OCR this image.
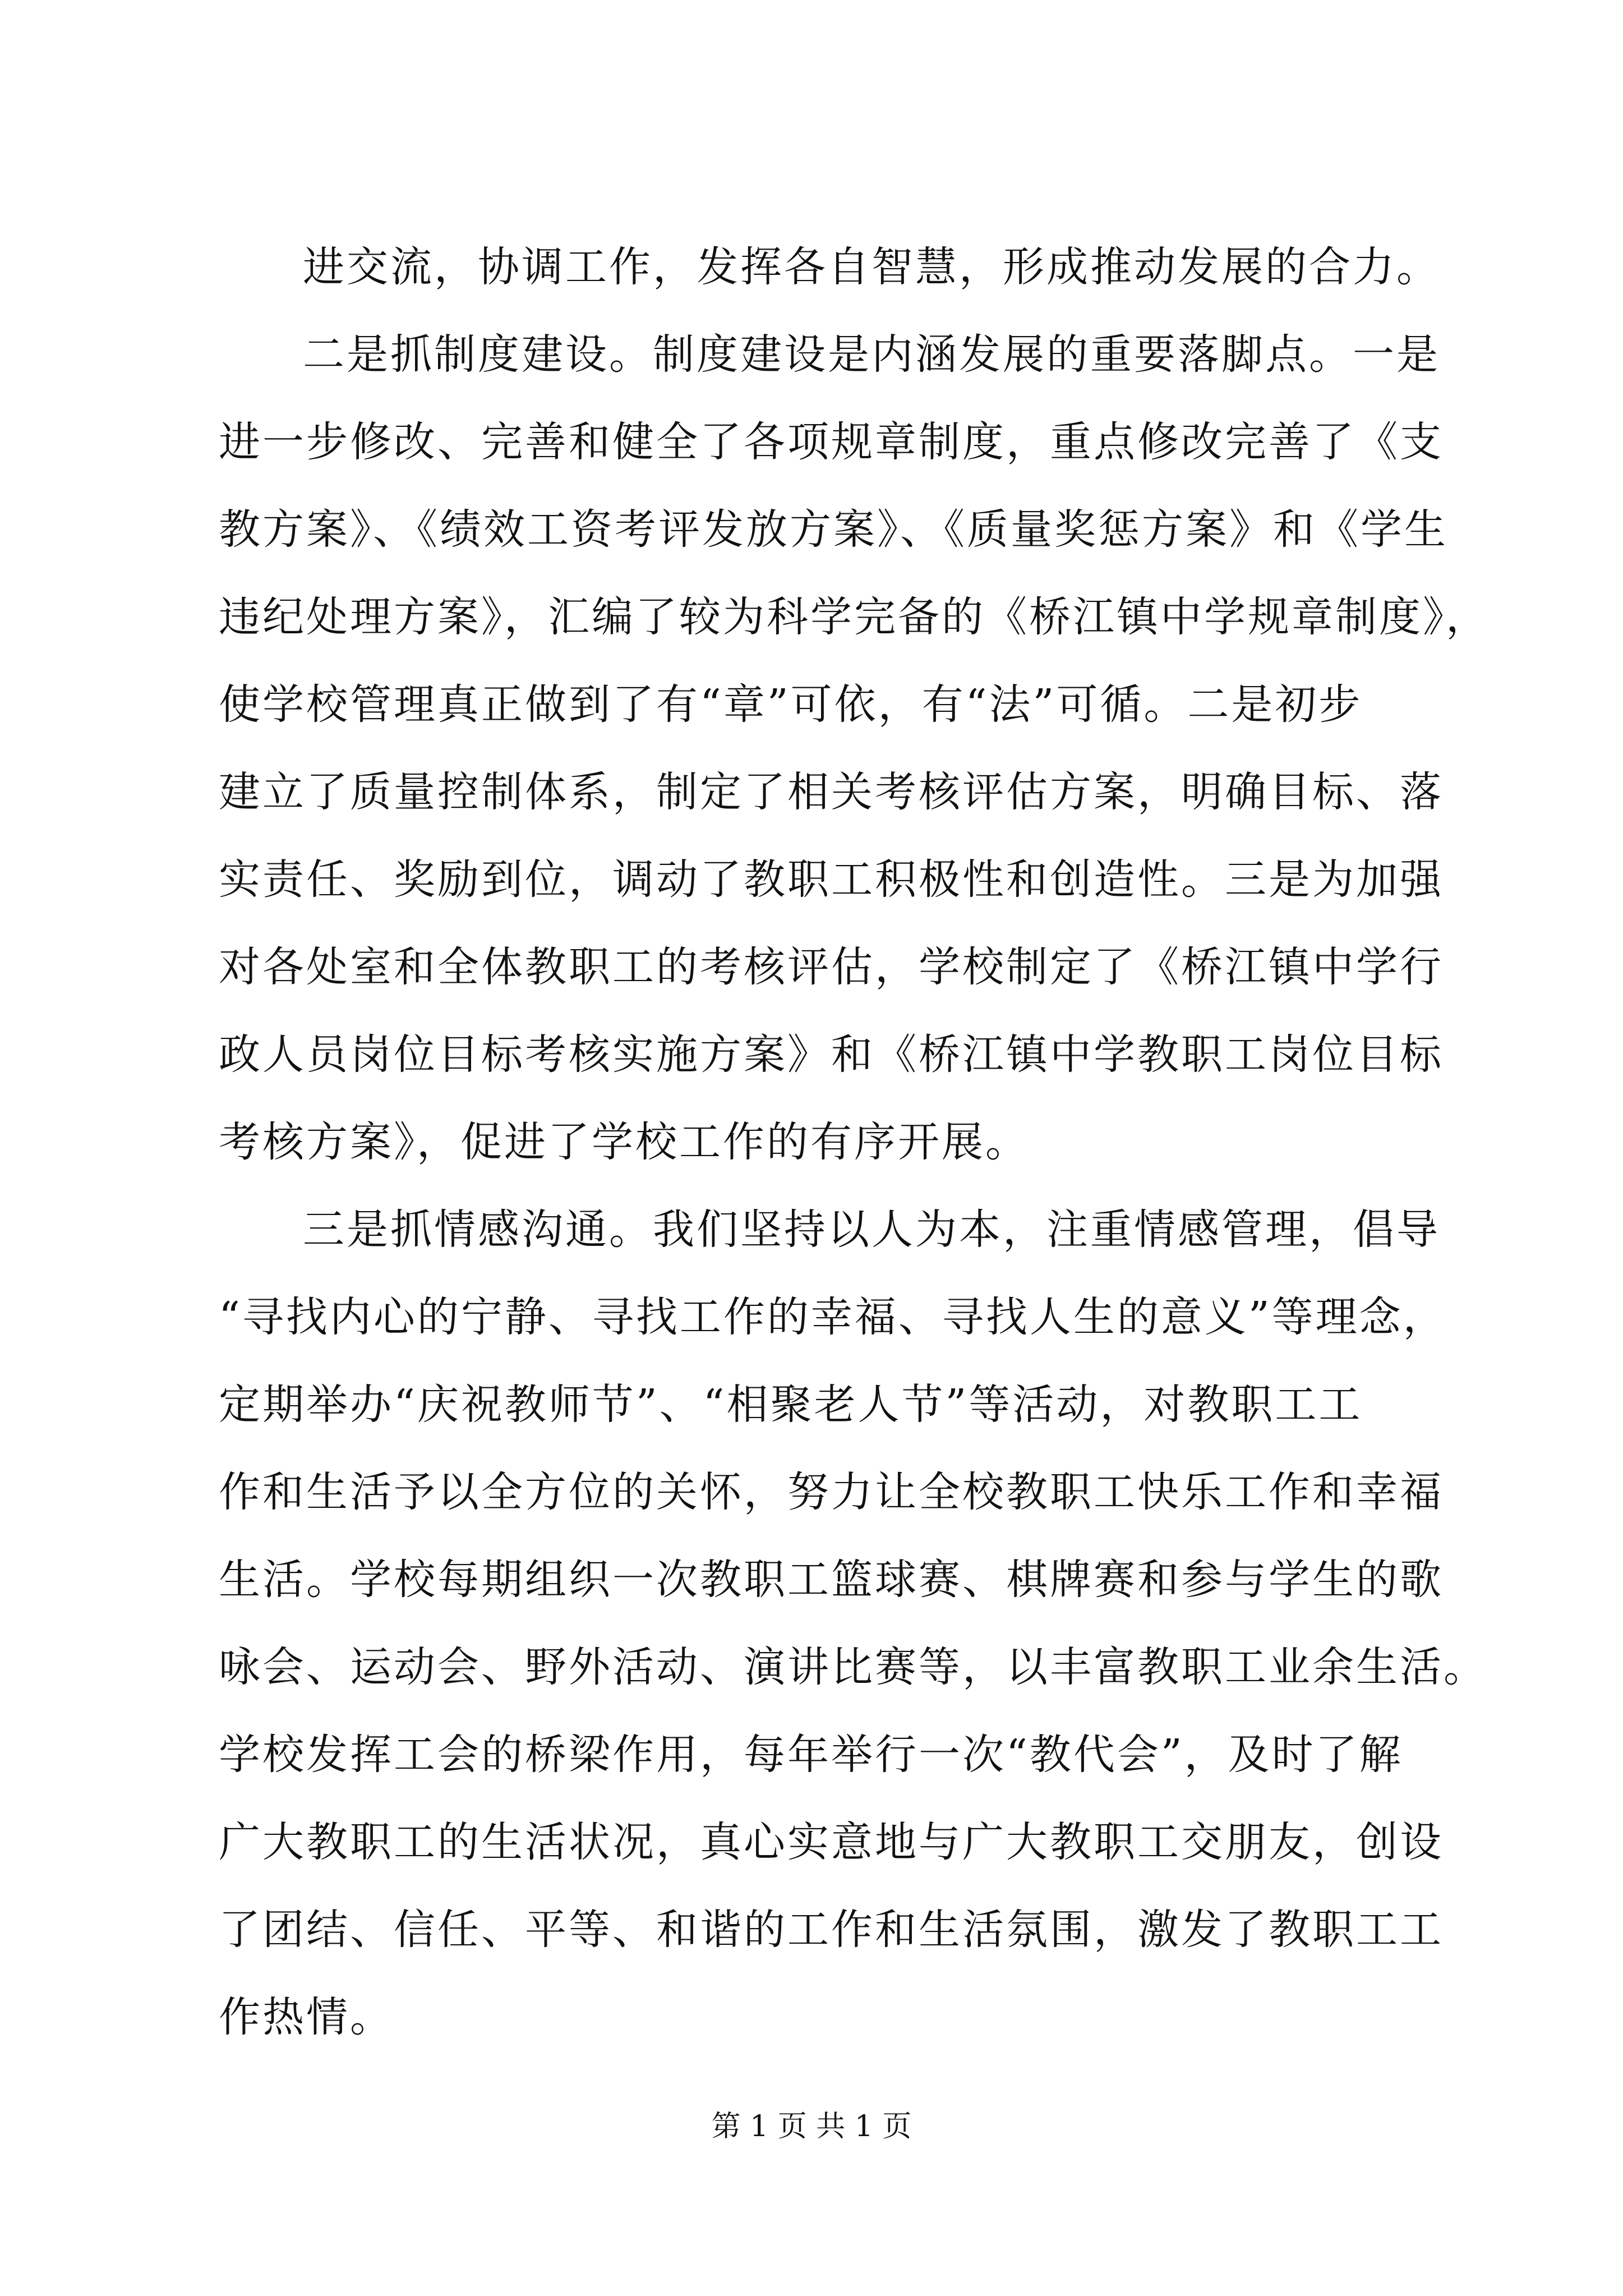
进交流，协调工作，发挥各自智慧，形成推动发展的合力。
二是抓制度建设。制度建设是内涵发展的重要落脚点。一是
进一步修改、完善和健全了各项规章制度，重点修改完善了《支
教方案》、《绩效工资考评发放方案》、《质量奖惩方案》和《学生
违纪处理方案》，汇编了较为科学完备的《桥江镇中学规章制度》，
使学校管理真正做到了有“章”可依，有“法”可循。二是初步
建立了质量控制体系，制定了相关考核评估方案，明确目标、落
实责任、奖励到位，调动了教职工积极性和创造性。三是为加强
对各处室和全体教职工的考核评估，学校制定了《桥江镇中学行
政人员岗位目标考核实施方案》和《桥江镇中学教职工岗位目标
考核方案》，促进了学校工作的有序开展。
三是抓情感沟通。我们坚持以人为本，注重情感管理，倡导
“寻找内心的宁静、寻找工作的幸福、寻找人生的意义”等理念，
定期举办“庆祝教师节”、“相聚老人节”等活动，对教职工工
作和生活予以全方位的关怀，努力让全校教职工快乐工作和幸福
生活。学校每期组织一次教职工篮球赛、棋牌赛和参与学生的歌
咏会、运动会、野外活动、演讲比赛等，以丰富教职工业余生活。
学校发挥工会的桥梁作用，每年举行一次“教代会”，及时了解
广大教职工的生活状况，真心实意地与广大教职工交朋友，创设
了团结、信任、平等、和谐的工作和生活氛围，激发了教职工工
作热情。
第 1 页 共 1 页
